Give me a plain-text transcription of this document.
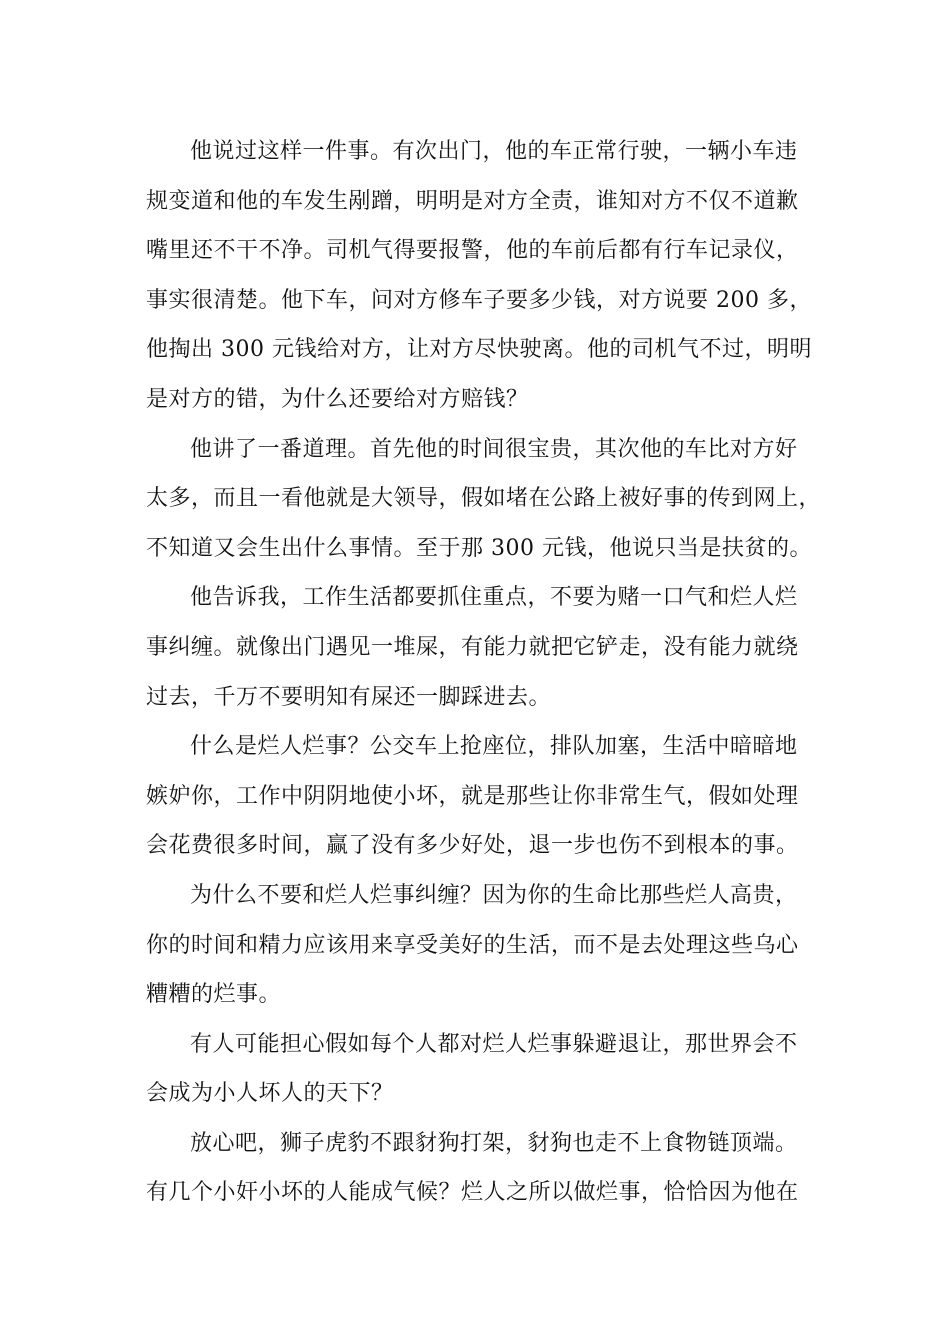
他说过这样一件事。有次出门，他的车正常行驶，一辆小车违
规变道和他的车发生剐蹭，明明是对方全责，谁知对方不仅不道歉
嘴里还不干不净。司机气得要报警，他的车前后都有行车记录仪，
事实很清楚。他下车，问对方修车子要多少钱，对方说要 200 多，
他掏出 300 元钱给对方，让对方尽快驶离。他的司机气不过，明明
是对方的错，为什么还要给对方赔钱？

他讲了一番道理。首先他的时间很宝贵，其次他的车比对方好
太多，而且一看他就是大领导，假如堵在公路上被好事的传到网上，
不知道又会生出什么事情。至于那 300 元钱，他说只当是扶贫的。

他告诉我，工作生活都要抓住重点，不要为赌一口气和烂人烂
事纠缠。就像出门遇见一堆屎，有能力就把它铲走，没有能力就绕
过去，千万不要明知有屎还一脚踩进去。

什么是烂人烂事？公交车上抢座位，排队加塞，生活中暗暗地
嫉妒你，工作中阴阴地使小坏，就是那些让你非常生气，假如处理
会花费很多时间，赢了没有多少好处，退一步也伤不到根本的事。

为什么不要和烂人烂事纠缠？因为你的生命比那些烂人高贵，
你的时间和精力应该用来享受美好的生活，而不是去处理这些乌心
糟糟的烂事。

有人可能担心假如每个人都对烂人烂事躲避退让，那世界会不
会成为小人坏人的天下？

放心吧，狮子虎豹不跟豺狗打架，豺狗也走不上食物链顶端。
有几个小奸小坏的人能成气候？烂人之所以做烂事，恰恰因为他在
